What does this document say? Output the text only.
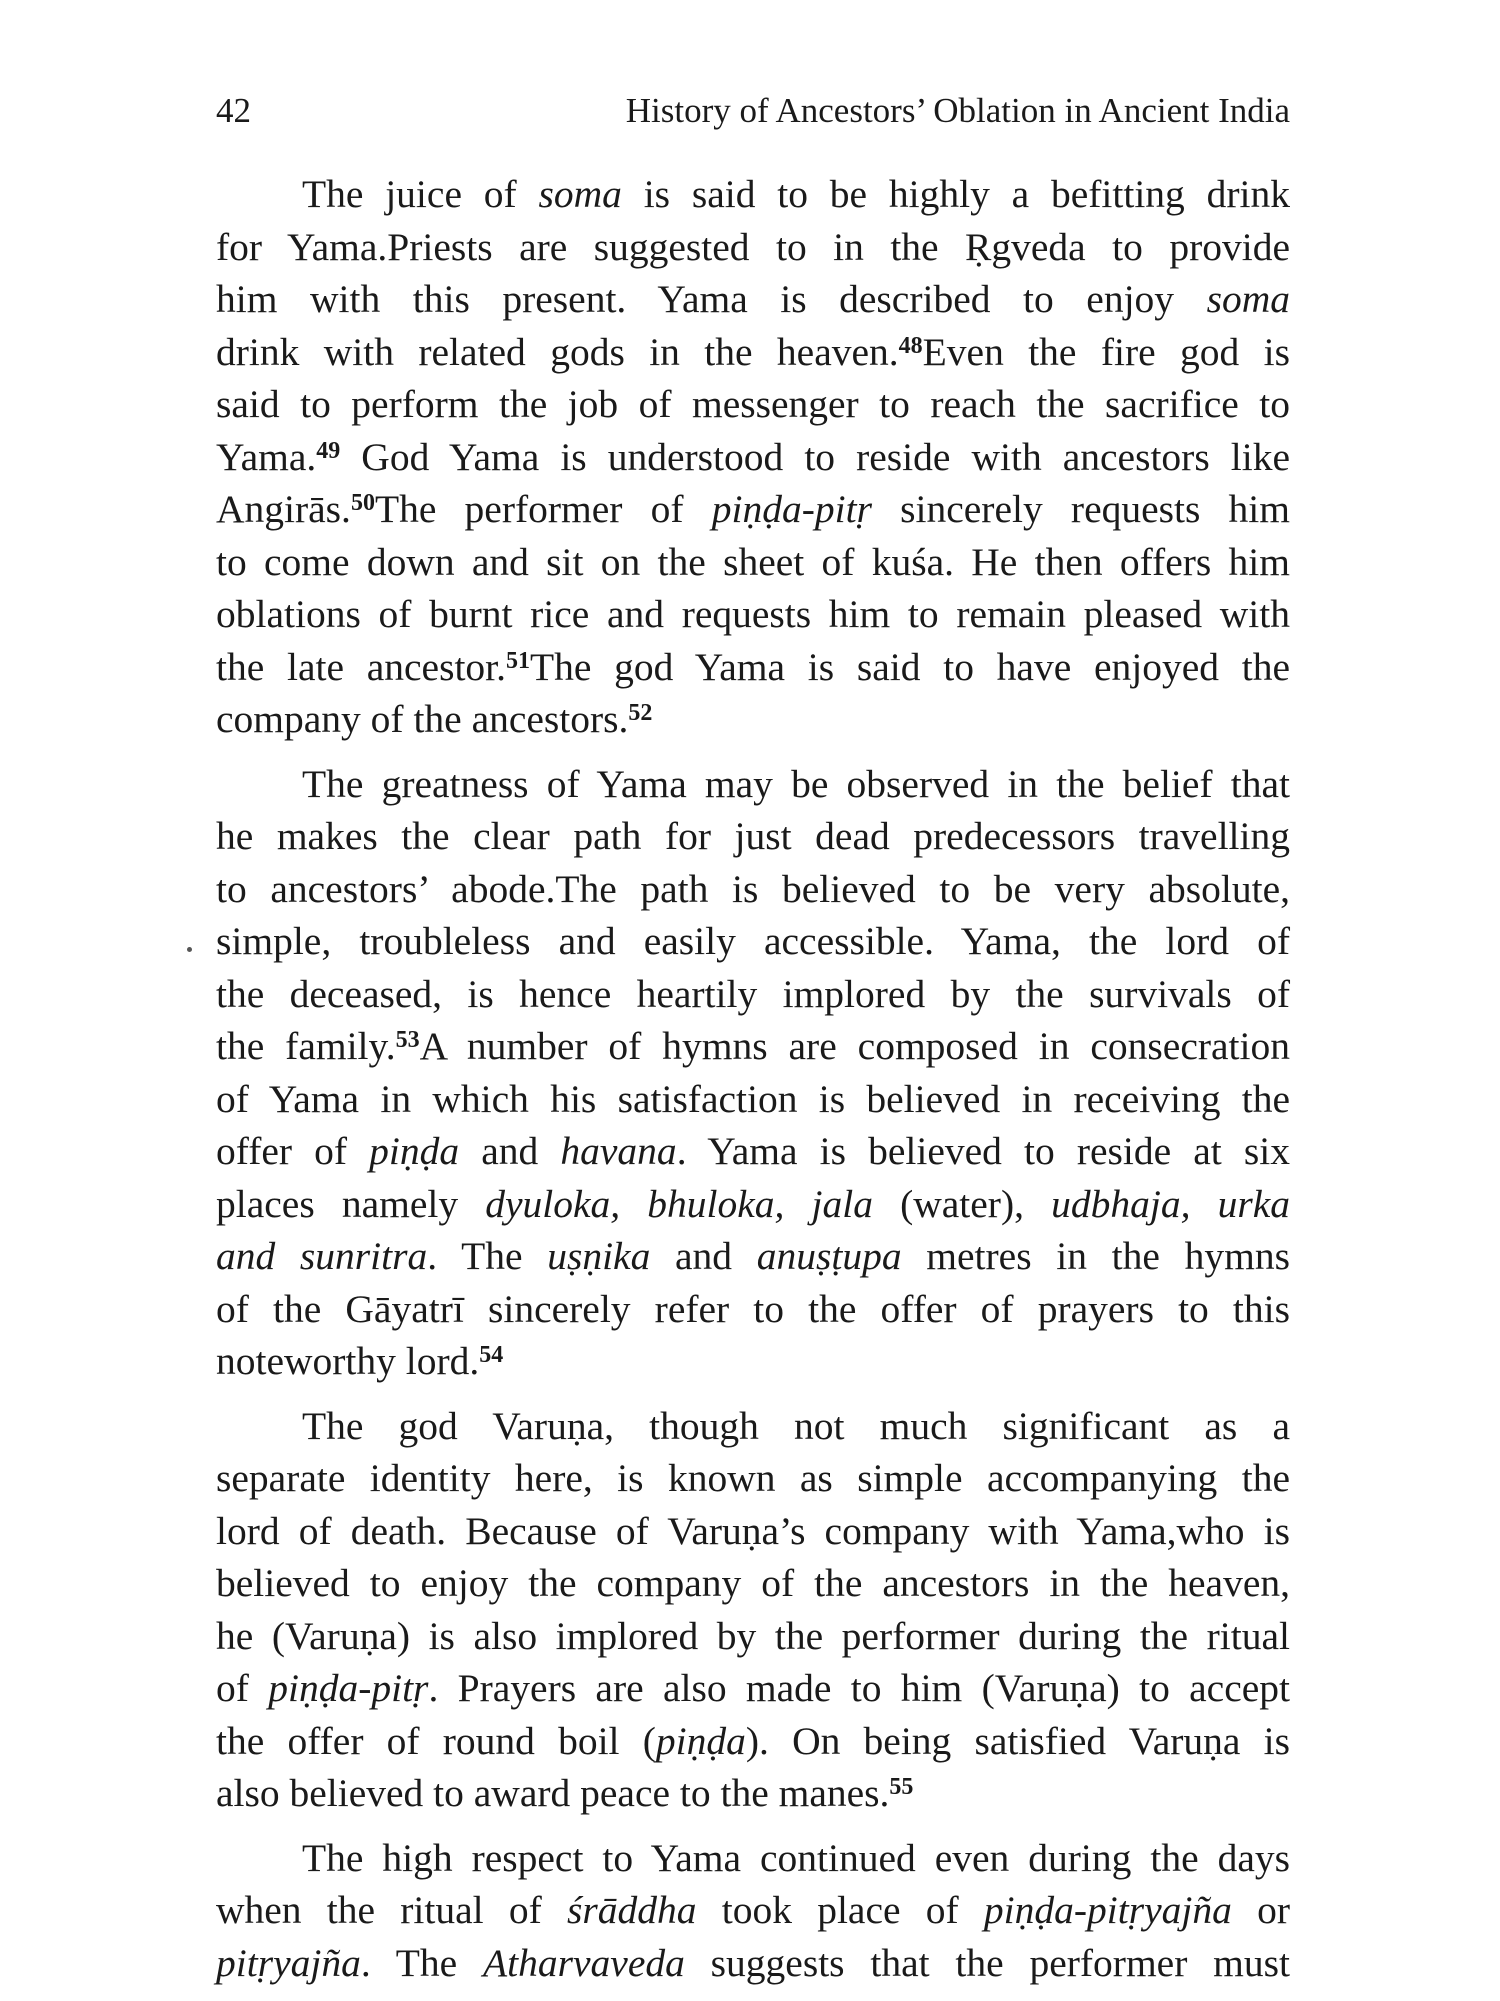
42	History of Ancestors’ Oblation in Ancient India
The juice of soma is said to be highly a befitting drink
for Yama.Priests are suggested to in the Ṛgveda to provide
him with this present. Yama is described to enjoy soma
drink with related gods in the heaven.$^{48}$Even the fire god is
said to perform the job of messenger to reach the sacrifice to
Yama.$^{49}$ God Yama is understood to reside with ancestors like
Angirās.$^{50}$The performer of piṇḍa-pitṛ sincerely requests him
to come down and sit on the sheet of kuśa. He then offers him
oblations of burnt rice and requests him to remain pleased with
the late ancestor.$^{51}$The god Yama is said to have enjoyed the
company of the ancestors.$^{52}$
The greatness of Yama may be observed in the belief that
he makes the clear path for just dead predecessors travelling
to ancestors’ abode.The path is believed to be very absolute,
simple, troubleless and easily accessible. Yama, the lord of
the deceased, is hence heartily implored by the survivals of
the family.$^{53}$A number of hymns are composed in consecration
of Yama in which his satisfaction is believed in receiving the
offer of piṇḍa and havana. Yama is believed to reside at six
places namely dyuloka, bhuloka, jala (water), udbhaja, urka
and sunritra. The uṣṇika and anuṣṭupa metres in the hymns
of the Gāyatrī sincerely refer to the offer of prayers to this
noteworthy lord.$^{54}$
The god Varuṇa, though not much significant as a
separate identity here, is known as simple accompanying the
lord of death. Because of Varuṇa’s company with Yama,who is
believed to enjoy the company of the ancestors in the heaven,
he (Varuṇa) is also implored by the performer during the ritual
of piṇḍa-pitṛ. Prayers are also made to him (Varuṇa) to accept
the offer of round boil (piṇḍa). On being satisfied Varuṇa is
also believed to award peace to the manes.$^{55}$
The high respect to Yama continued even during the days
when the ritual of śrāddha took place of piṇḍa-pitṛyajña or
pitṛyajña. The Atharvaveda suggests that the performer must
